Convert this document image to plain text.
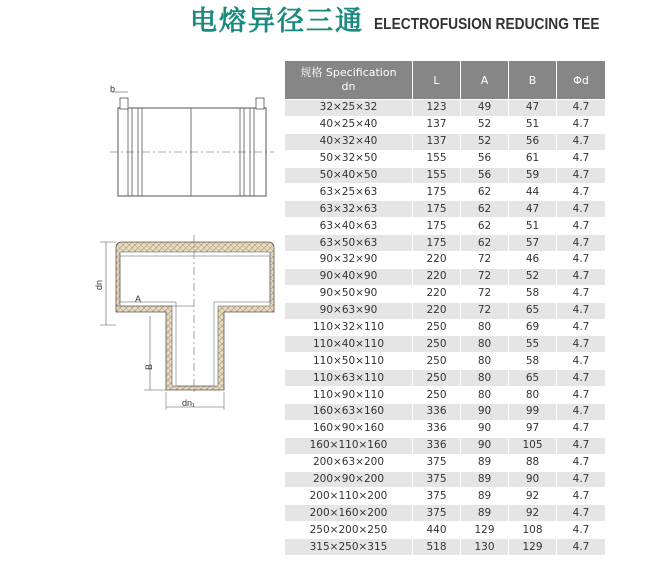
电熔异径三通 ELECTROFUSION REDUCING TEE
b
dn
A
B
dn₁
规格 Specification
dn	L	A	B	Φd
32×25×32	123	49	47	4.7
40×25×40	137	52	51	4.7
40×32×40	137	52	56	4.7
50×32×50	155	56	61	4.7
50×40×50	155	56	59	4.7
63×25×63	175	62	44	4.7
63×32×63	175	62	47	4.7
63×40×63	175	62	51	4.7
63×50×63	175	62	57	4.7
90×32×90	220	72	46	4.7
90×40×90	220	72	52	4.7
90×50×90	220	72	58	4.7
90×63×90	220	72	65	4.7
110×32×110	250	80	69	4.7
110×40×110	250	80	55	4.7
110×50×110	250	80	58	4.7
110×63×110	250	80	65	4.7
110×90×110	250	80	80	4.7
160×63×160	336	90	99	4.7
160×90×160	336	90	97	4.7
160×110×160	336	90	105	4.7
200×63×200	375	89	88	4.7
200×90×200	375	89	90	4.7
200×110×200	375	89	92	4.7
200×160×200	375	89	92	4.7
250×200×250	440	129	108	4.7
315×250×315	518	130	129	4.7
